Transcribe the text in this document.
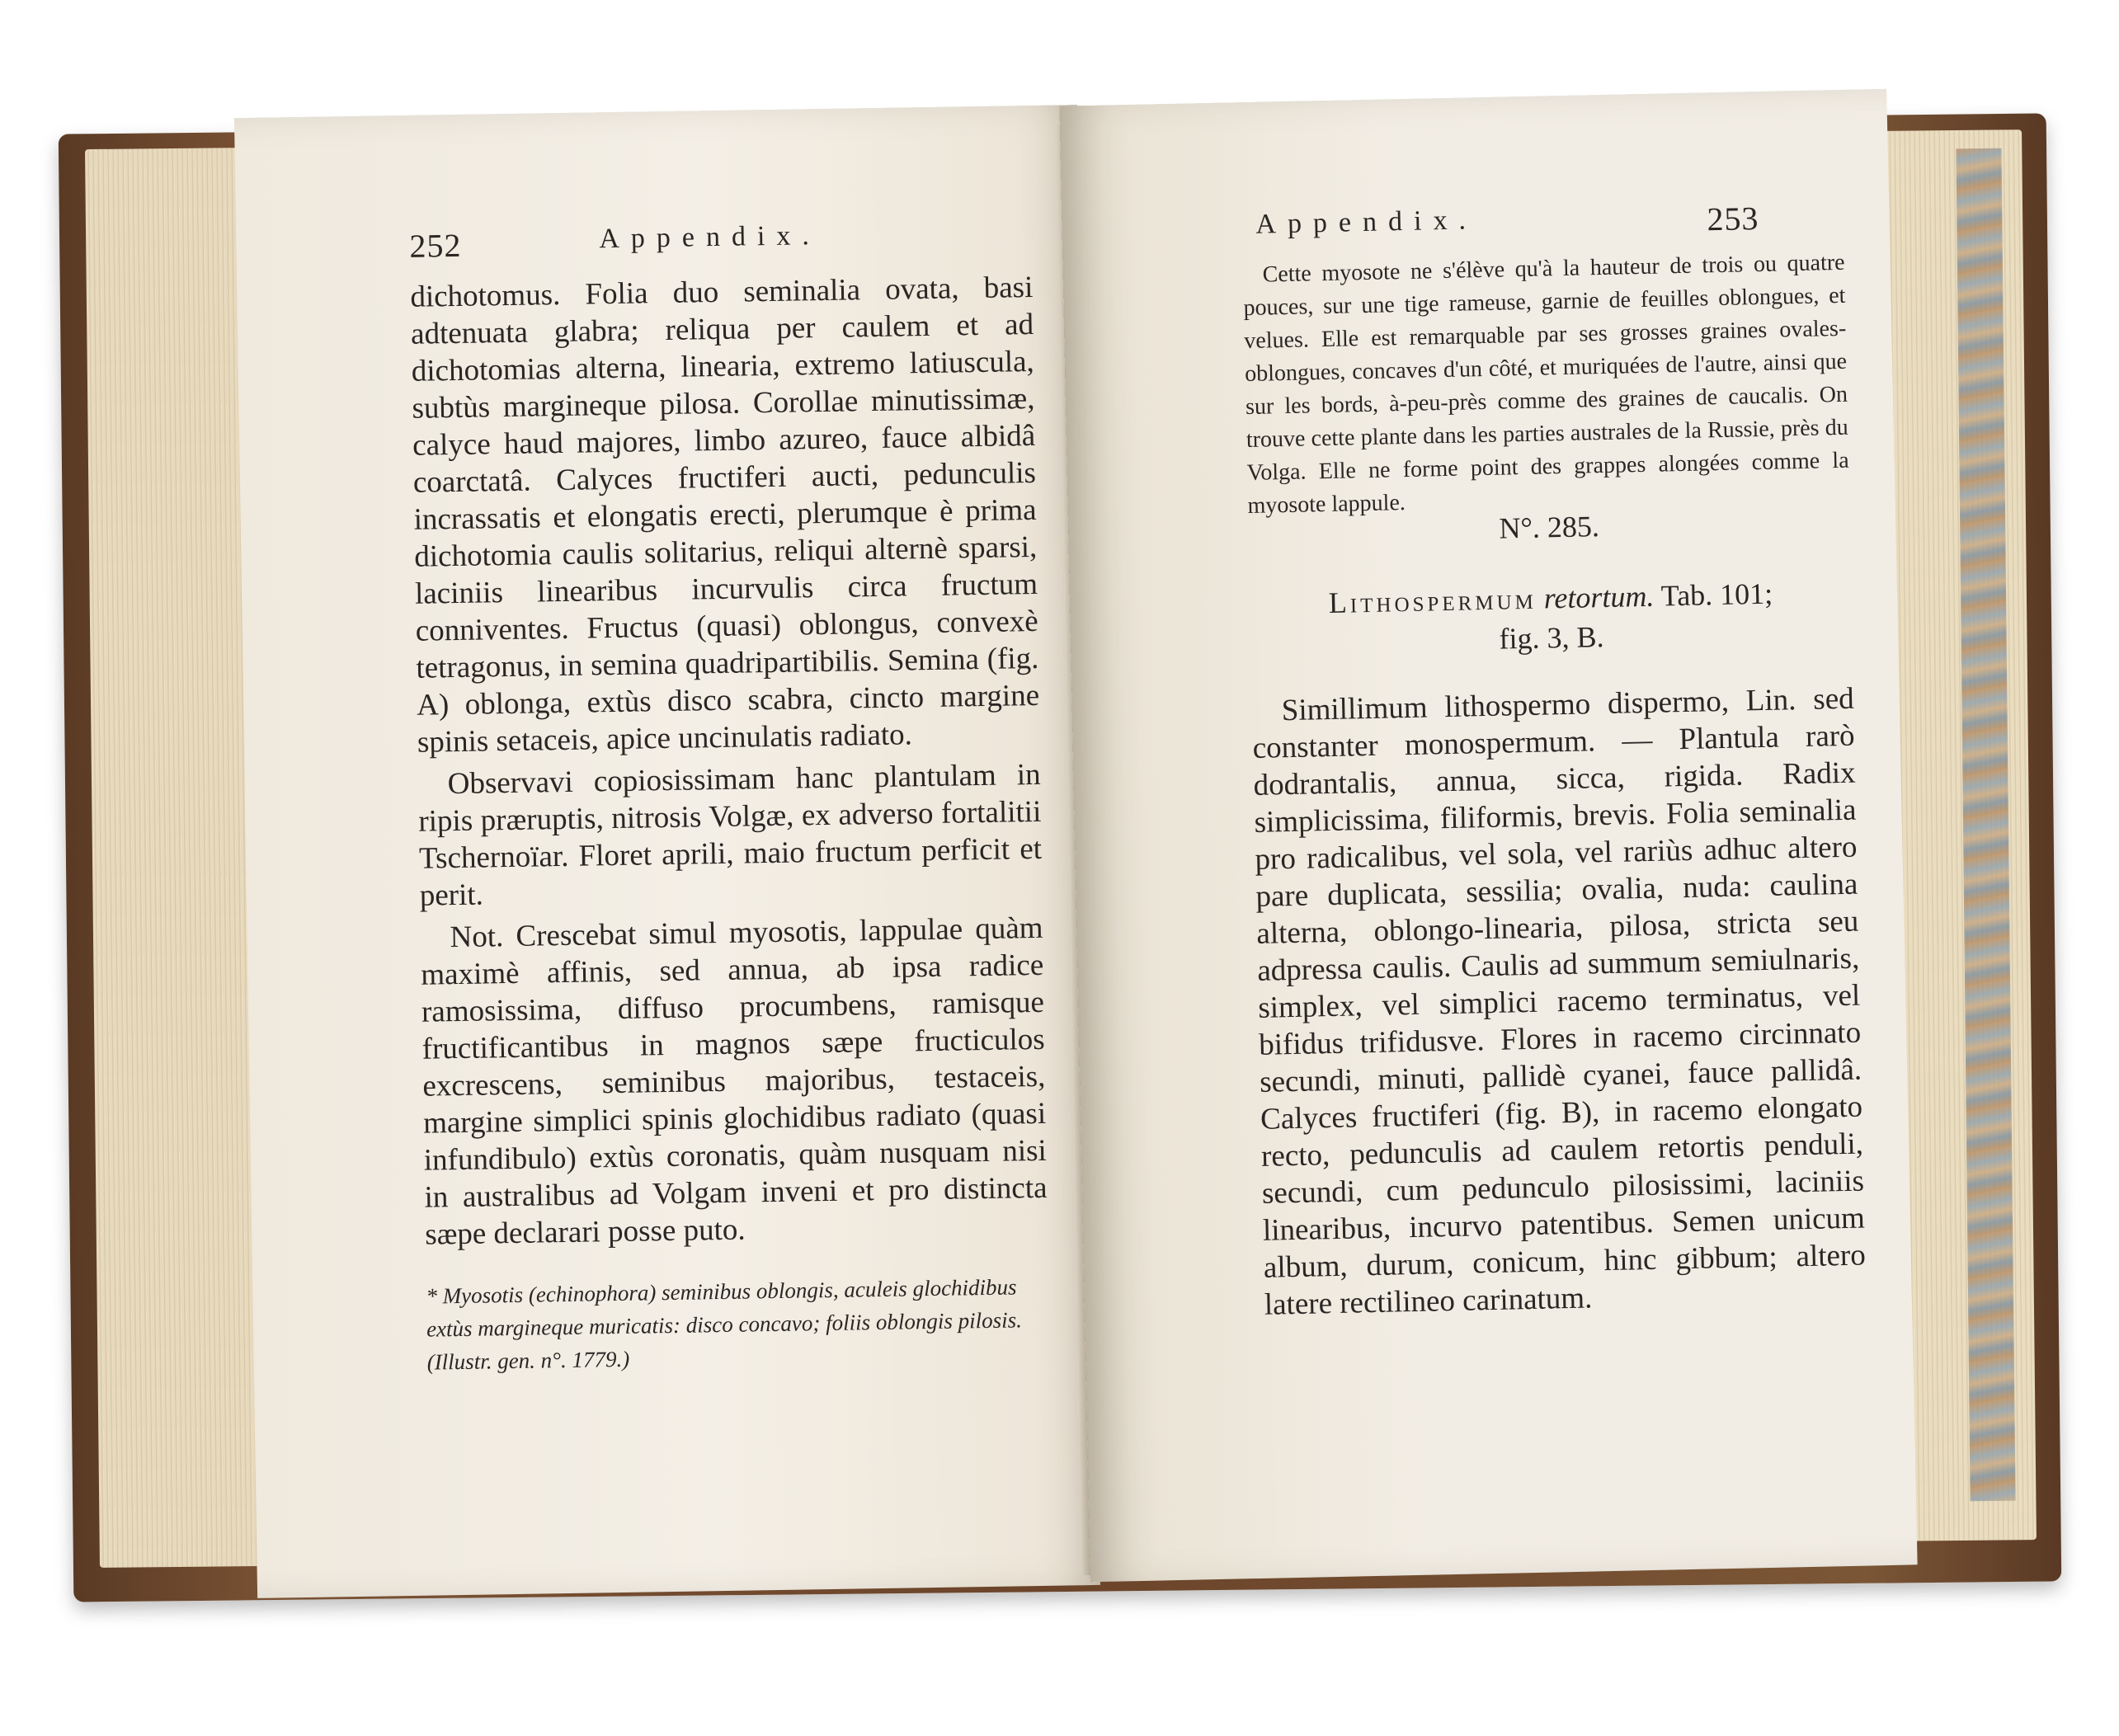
252	Appendix.

dichotomus. Folia duo seminalia ovata, basi adtenuata glabra; reliqua per caulem et ad dichotomias alterna, linearia, extremo latiuscula, subtùs margineque pilosa. Corollae minutissimæ, calyce haud majores, limbo azureo, fauce albidâ coarctatâ. Calyces fructiferi aucti, pedunculis incrassatis et elongatis erecti, plerumque è prima dichotomia caulis solitarius, reliqui alternè sparsi, laciniis linearibus incurvulis circa fructum conniventes. Fructus (quasi) oblongus, convexè tetragonus, in semina quadripartibilis. Semina (fig. A) oblonga, extùs disco scabra, cincto margine spinis setaceis, apice uncinulatis radiato.

Observavi copiosissimam hanc plantulam in ripis præruptis, nitrosis Volgæ, ex adverso fortalitii Tschernoïar. Floret aprili, maio fructum perficit et perit.

Not. Crescebat simul myosotis, lappulae quàm maximè affinis, sed annua, ab ipsa radice ramosissima, diffuso procumbens, ramisque fructificantibus in magnos sæpe fructiculos excrescens, seminibus majoribus, testaceis, margine simplici spinis glochidibus radiato (quasi infundibulo) extùs coronatis, quàm nusquam nisi in australibus ad Volgam inveni et pro distincta sæpe declarari posse puto.

* Myosotis (echinophora) seminibus oblongis, aculeis glochidibus extùs margineque muricatis: disco concavo; foliis oblongis pilosis. (Illustr. gen. n°. 1779.)
Appendix.	253

Cette myosote ne s'élève qu'à la hauteur de trois ou quatre pouces, sur une tige rameuse, garnie de feuilles oblongues, et velues. Elle est remarquable par ses grosses graines ovales-oblongues, concaves d'un côté, et muriquées de l'autre, ainsi que sur les bords, à-peu-près comme des graines de caucalis. On trouve cette plante dans les parties australes de la Russie, près du Volga. Elle ne forme point des grappes alongées comme la myosote lappule.

N°. 285.
Lithospermum retortum. Tab. 101;
fig. 3, B.

Simillimum lithospermo dispermo, Lin. sed constanter monospermum. — Plantula rarò dodrantalis, annua, sicca, rigida. Radix simplicissima, filiformis, brevis. Folia seminalia pro radicalibus, vel sola, vel rariùs adhuc altero pare duplicata, sessilia; ovalia, nuda: caulina alterna, oblongo-linearia, pilosa, stricta seu adpressa caulis. Caulis ad summum semiulnaris, simplex, vel simplici racemo terminatus, vel bifidus trifidusve. Flores in racemo circinnato secundi, minuti, pallidè cyanei, fauce pallidâ. Calyces fructiferi (fig. B), in racemo elongato recto, pedunculis ad caulem retortis penduli, secundi, cum pedunculo pilosissimi, laciniis linearibus, incurvo patentibus. Semen unicum album, durum, conicum, hinc gibbum; altero latere rectilineo carinatum.
